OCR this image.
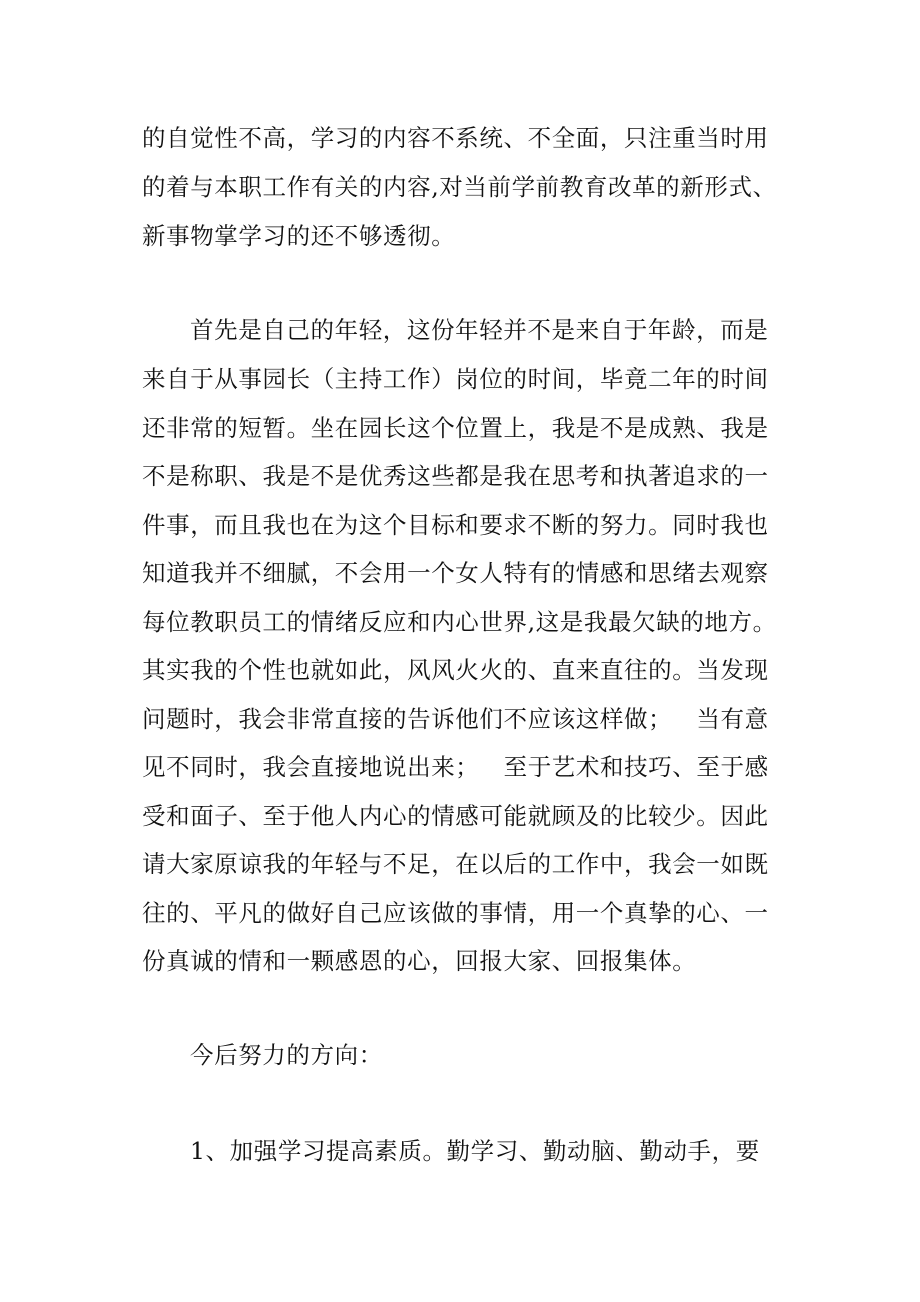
的自觉性不高，学习的内容不系统、不全面，只注重当时用
的着与本职工作有关的内容,对当前学前教育改革的新形式、
新事物掌学习的还不够透彻。
首先是自己的年轻，这份年轻并不是来自于年龄，而是
来自于从事园长（主持工作）岗位的时间，毕竟二年的时间
还非常的短暂。坐在园长这个位置上，我是不是成熟、我是
不是称职、我是不是优秀这些都是我在思考和执著追求的一
件事，而且我也在为这个目标和要求不断的努力。同时我也
知道我并不细腻，不会用一个女人特有的情感和思绪去观察
每位教职员工的情绪反应和内心世界,这是我最欠缺的地方。
其实我的个性也就如此，风风火火的、直来直往的。当发现
问题时，我会非常直接的告诉他们不应该这样做；   当有意
见不同时，我会直接地说出来；   至于艺术和技巧、至于感
受和面子、至于他人内心的情感可能就顾及的比较少。因此
请大家原谅我的年轻与不足，在以后的工作中，我会一如既
往的、平凡的做好自己应该做的事情，用一个真挚的心、一
份真诚的情和一颗感恩的心，回报大家、回报集体。
今后努力的方向：
1、加强学习提高素质。勤学习、勤动脑、勤动手，要
